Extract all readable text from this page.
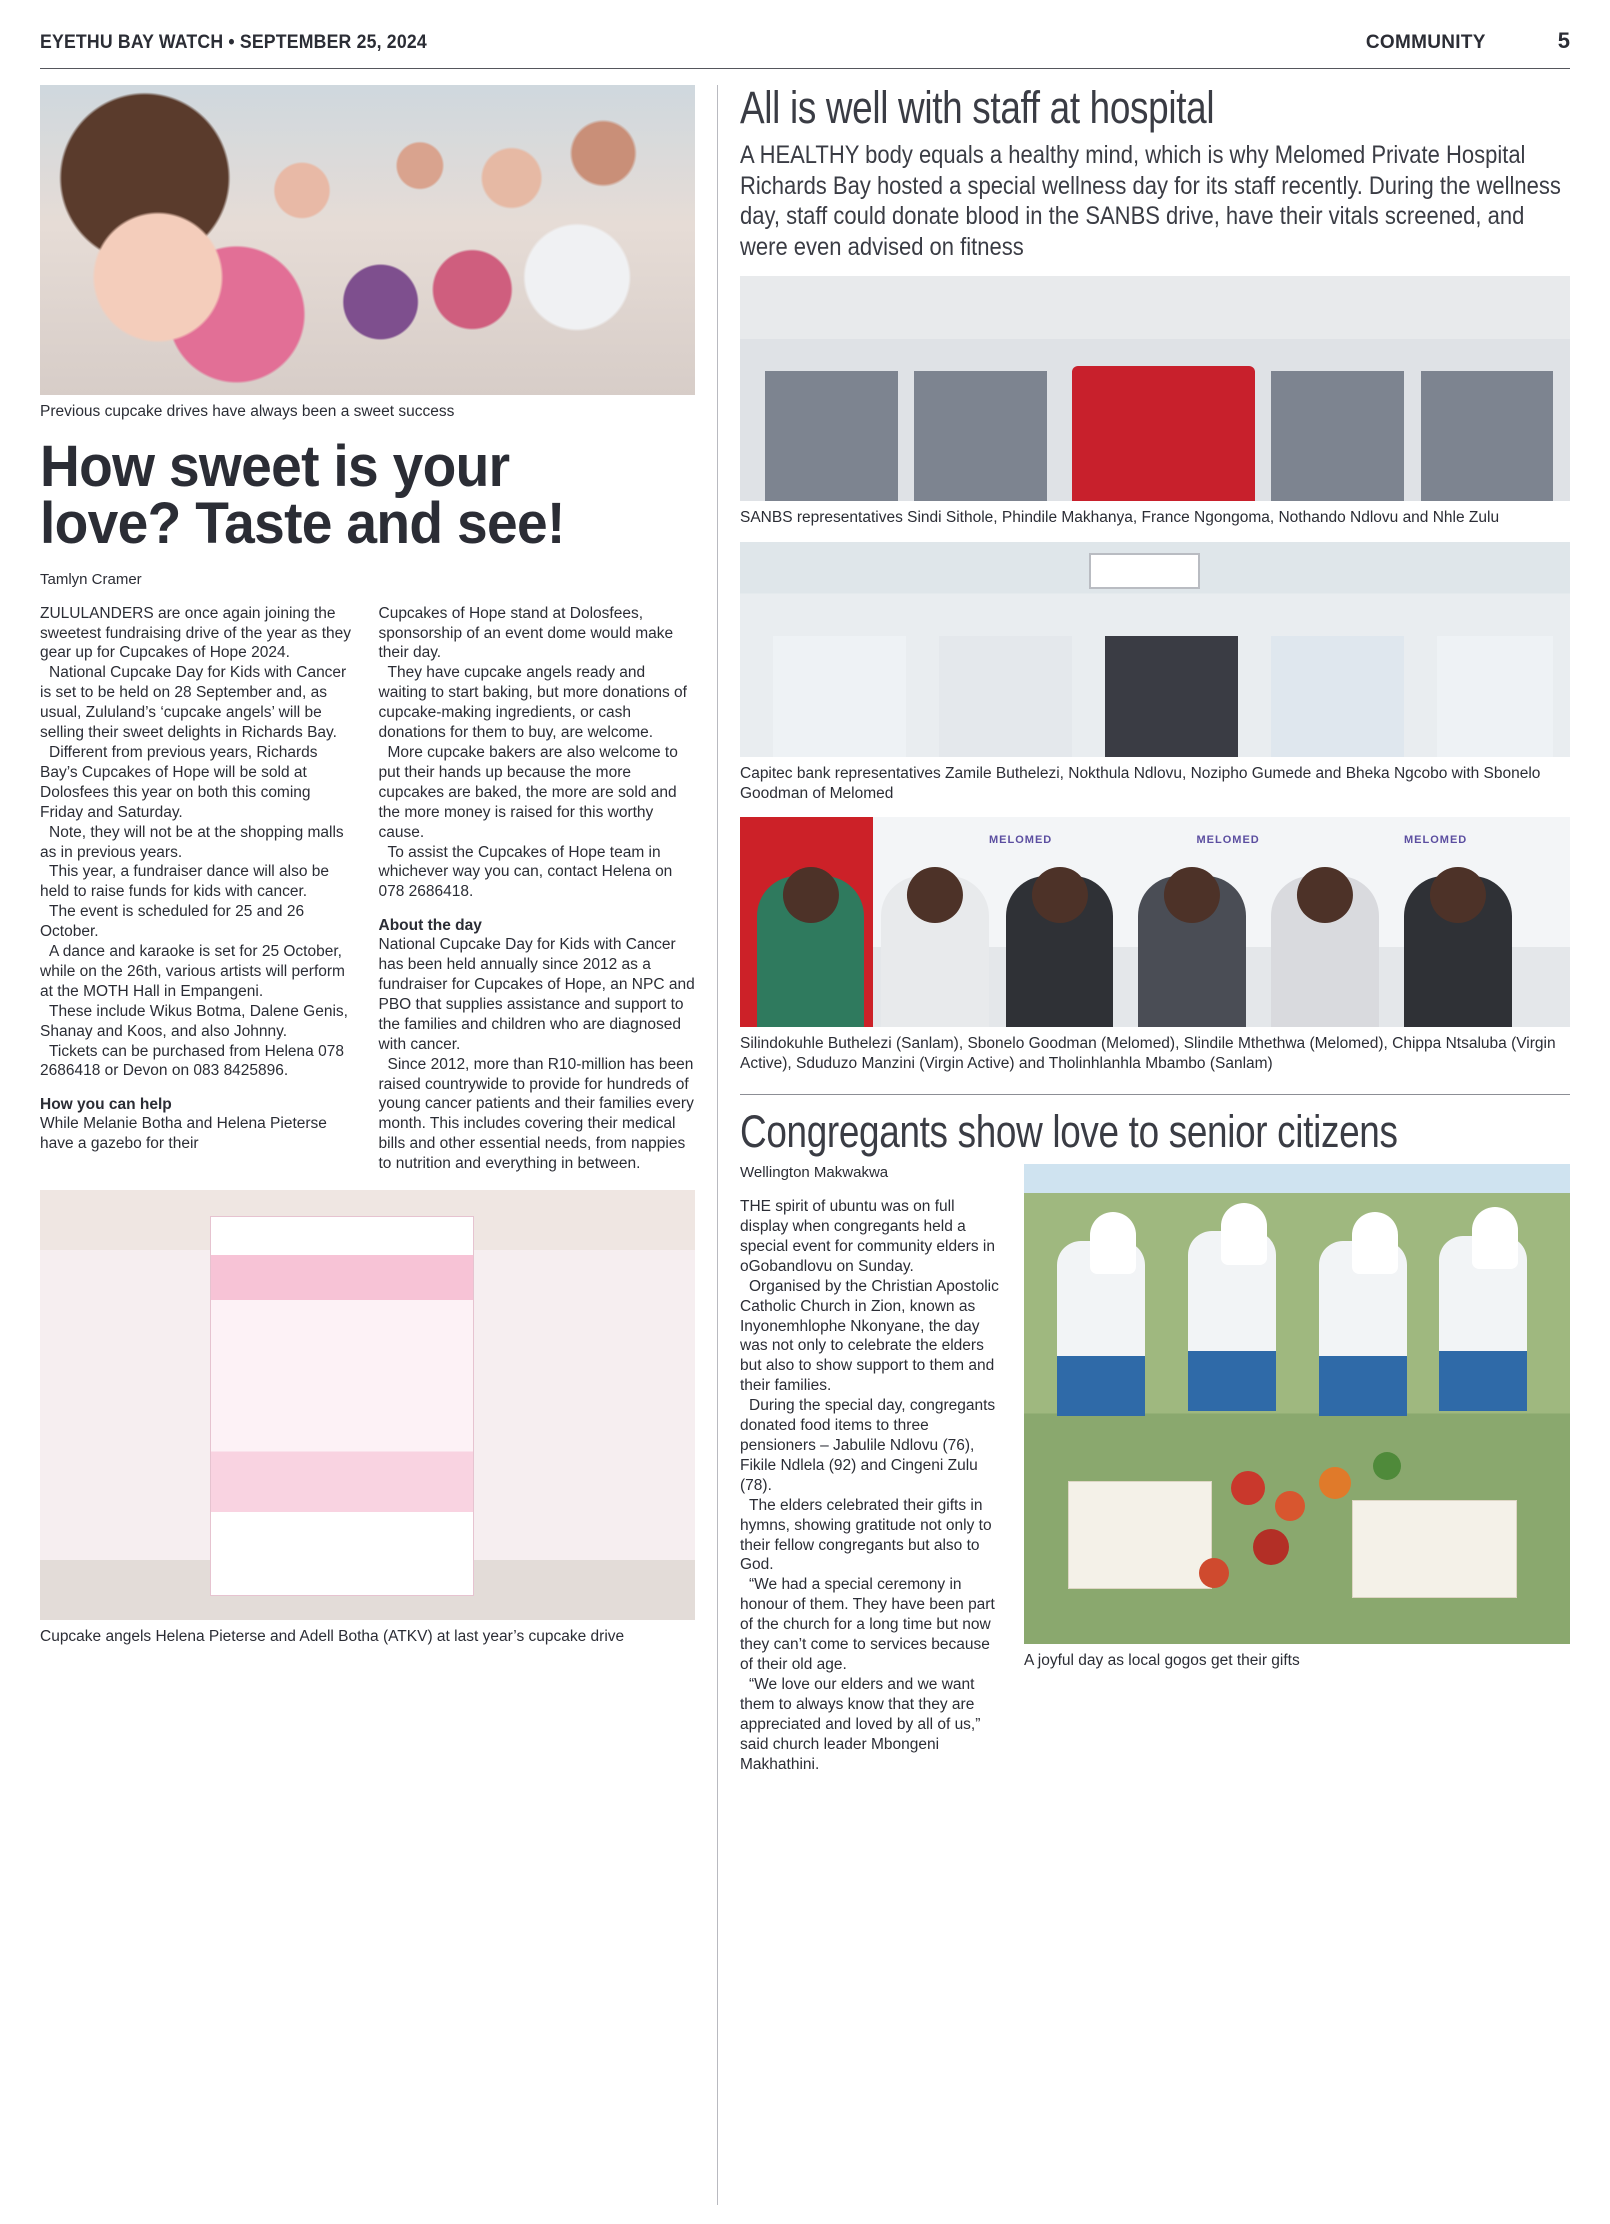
EYETHU BAY WATCH • SEPTEMBER 25, 2024	COMMUNITY	5
Previous cupcake drives have always been a sweet success
How sweet is your love? Taste and see!
Tamlyn Cramer

ZULULANDERS are once again joining the sweetest fundraising drive of the year as they gear up for Cupcakes of Hope 2024.

National Cupcake Day for Kids with Cancer is set to be held on 28 September and, as usual, Zululand’s ‘cupcake angels’ will be selling their sweet delights in Richards Bay.

Different from previous years, Richards Bay’s Cupcakes of Hope will be sold at Dolosfees this year on both this coming Friday and Saturday.

Note, they will not be at the shopping malls as in previous years.

This year, a fundraiser dance will also be held to raise funds for kids with cancer.

The event is scheduled for 25 and 26 October.

A dance and karaoke is set for 25 October, while on the 26th, various artists will perform at the MOTH Hall in Empangeni.

These include Wikus Botma, Dalene Genis, Shanay and Koos, and also Johnny.

Tickets can be purchased from Helena 078 2686418 or Devon on 083 8425896.

How you can help

While Melanie Botha and Helena Pieterse have a gazebo for their

Cupcakes of Hope stand at Dolosfees, sponsorship of an event dome would make their day.

They have cupcake angels ready and waiting to start baking, but more donations of cupcake-making ingredients, or cash donations for them to buy, are welcome.

More cupcake bakers are also welcome to put their hands up because the more cupcakes are baked, the more are sold and the more money is raised for this worthy cause.

To assist the Cupcakes of Hope team in whichever way you can, contact Helena on 078 2686418.

About the day

National Cupcake Day for Kids with Cancer has been held annually since 2012 as a fundraiser for Cupcakes of Hope, an NPC and PBO that supplies assistance and support to the families and children who are diagnosed with cancer.

Since 2012, more than R10-million has been raised countrywide to provide for hundreds of young cancer patients and their families every month. This includes covering their medical bills and other essential needs, from nappies to nutrition and everything in between.

Cupcake angels Helena Pieterse and Adell Botha (ATKV) at last year’s cupcake drive
All is well with staff at hospital
A HEALTHY body equals a healthy mind, which is why Melomed Private Hospital Richards Bay hosted a special wellness day for its staff recently. During the wellness day, staff could donate blood in the SANBS drive, have their vitals screened, and were even advised on fitness
SANBS representatives Sindi Sithole, Phindile Makhanya, France Ngongoma, Nothando Ndlovu and Nhle Zulu
Capitec bank representatives Zamile Buthelezi, Nokthula Ndlovu, Nozipho Gumede and Bheka Ngcobo with Sbonelo Goodman of Melomed
MELOMED	MELOMED	MELOMED
Silindokuhle Buthelezi (Sanlam), Sbonelo Goodman (Melomed), Slindile Mthethwa (Melomed), Chippa Ntsaluba (Virgin Active), Sduduzo Manzini (Virgin Active) and Tholinhlanhla Mbambo (Sanlam)
Congregants show love to senior citizens
Wellington Makwakwa

THE spirit of ubuntu was on full display when congregants held a special event for community elders in oGobandlovu on Sunday.

Organised by the Christian Apostolic Catholic Church in Zion, known as Inyonemhlophe Nkonyane, the day was not only to celebrate the elders but also to show support to them and their families.

During the special day, congregants donated food items to three pensioners – Jabulile Ndlovu (76), Fikile Ndlela (92) and Cingeni Zulu (78).

The elders celebrated their gifts in hymns, showing gratitude not only to their fellow congregants but also to God.

“We had a special ceremony in honour of them. They have been part of the church for a long time but now they can’t come to services because of their old age.

“We love our elders and we want them to always know that they are appreciated and loved by all of us,” said church leader Mbongeni Makhathini.

A joyful day as local gogos get their gifts
